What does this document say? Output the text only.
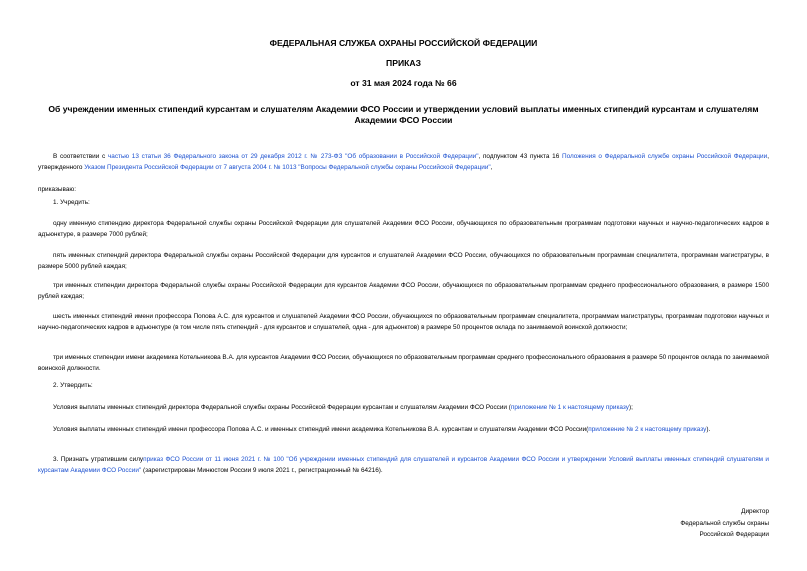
ФЕДЕРАЛЬНАЯ СЛУЖБА ОХРАНЫ РОССИЙСКОЙ ФЕДЕРАЦИИ
ПРИКАЗ
от 31 мая 2024 года № 66
Об учреждении именных стипендий курсантам и слушателям Академии ФСО России и утверждении условий выплаты именных стипендий курсантам и слушателям Академии ФСО России
В соответствии с частью 13 статьи 36 Федерального закона от 29 декабря 2012 г. № 273-ФЗ "Об образовании в Российской Федерации", подпунктом 43 пункта 16 Положения о Федеральной службе охраны Российской Федерации, утвержденного Указом Президента Российской Федерации от 7 августа 2004 г. № 1013 "Вопросы Федеральной службы охраны Российской Федерации",
приказываю:
1. Учредить:
одну именную стипендию директора Федеральной службы охраны Российской Федерации для слушателей Академии ФСО России, обучающихся по образовательным программам подготовки научных и научно-педагогических кадров в адъюнктуре, в размере 7000 рублей;
пять именных стипендий директора Федеральной службы охраны Российской Федерации для курсантов и слушателей Академии ФСО России, обучающихся по образовательным программам специалитета, программам магистратуры, в размере 5000 рублей каждая;
три именных стипендии директора Федеральной службы охраны Российской Федерации для курсантов Академии ФСО России, обучающихся по образовательным программам среднего профессионального образования, в размере 1500 рублей каждая;
шесть именных стипендий имени профессора Попова А.С. для курсантов и слушателей Академии ФСО России, обучающихся по образовательным программам специалитета, программам магистратуры, программам подготовки научных и научно-педагогических кадров в адъюнктуре (в том числе пять стипендий - для курсантов и слушателей, одна - для адъюнктов) в размере 50 процентов оклада по занимаемой воинской должности;
три именных стипендии имени академика Котельникова В.А. для курсантов Академии ФСО России, обучающихся по образовательным программам среднего профессионального образования в размере 50 процентов оклада по занимаемой воинской должности.
2. Утвердить:
Условия выплаты именных стипендий директора Федеральной службы охраны Российской Федерации курсантам и слушателям Академии ФСО России (приложение № 1 к настоящему приказу);
Условия выплаты именных стипендий имени профессора Попова А.С. и именных стипендий имени академика Котельникова В.А. курсантам и слушателям Академии ФСО России(приложение № 2 к настоящему приказу).
3. Признать утратившим силуприказ ФСО России от 11 июня 2021 г. № 100 "Об учреждении именных стипендий для слушателей и курсантов Академии ФСО России и утверждении Условий выплаты именных стипендий слушателям и курсантам Академии ФСО России" (зарегистрирован Минюстом России 9 июля 2021 г., регистрационный № 64216).
Директор
Федеральной службы охраны
Российской Федерации
